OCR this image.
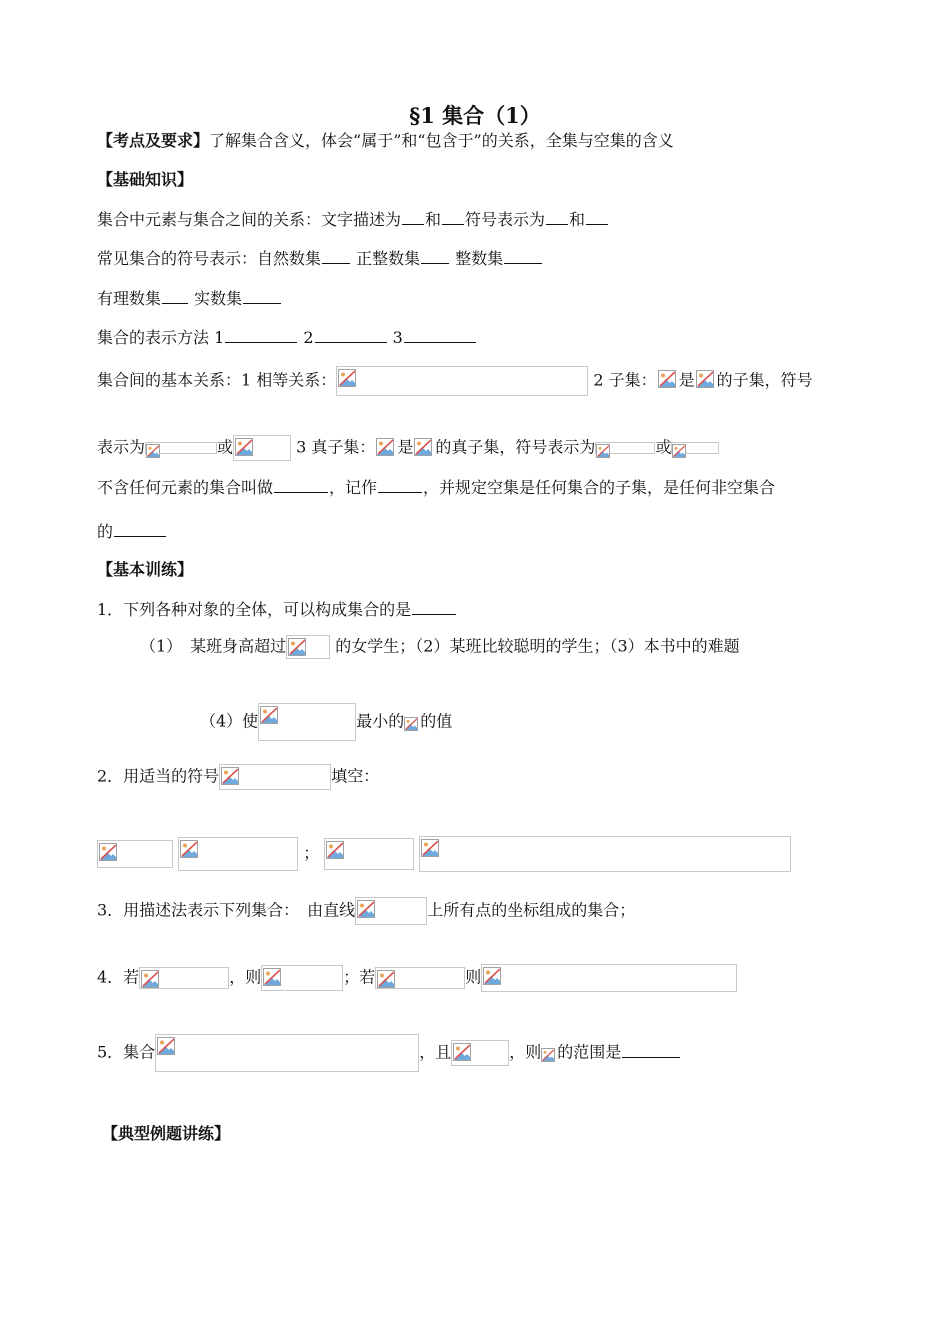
§1 集合（1）
【考点及要求】了解集合含义，体会“属于”和“包含于”的关系，全集与空集的含义
【基础知识】
集合中元素与集合之间的关系：文字描述为 和 符号表示为 和
常见集合的符号表示：自然数集 正整数集 整数集
有理数集 实数集
集合的表示方法 1	2	3
集合间的基本关系：1 相等关系：	2 子集： 是 的子集，符号
表示为	或	3 真子集： 是 的真子集，符号表示为	或
不含任何元素的集合叫做	，记作	，并规定空集是任何集合的子集，是任何非空集合
的
【基本训练】
1．下列各种对象的全体，可以构成集合的是
（1）　某班身高超过	的女学生；（2）某班比较聪明的学生；（3）本书中的难题
（4）使	最小的 的值
2．用适当的符号	填空：

；

3．用描述法表示下列集合：　由直线	上所有点的坐标组成的集合；
4．若	，则	；若	则
5．集合	，且	，则 的范围是
【典型例题讲练】
